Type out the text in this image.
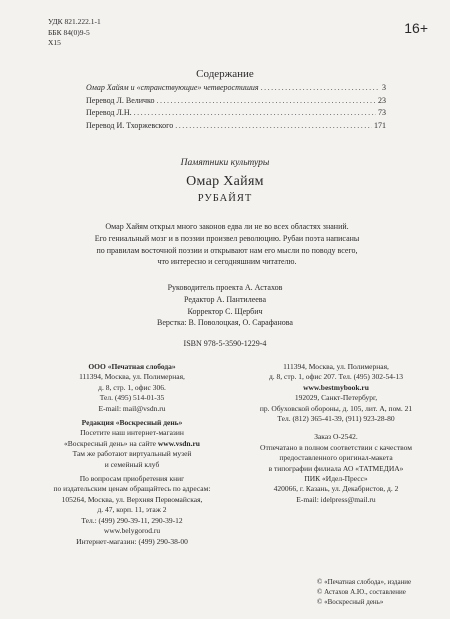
УДК 821.222.1-1
ББК 84(0)9-5
Х15
16+
Содержание
Омар Хайям и «странствующие» четверостишия .....	3
Перевод Л. Величко .....	23
Перевод Л.Н. .....	73
Перевод И. Тхоржевского .....	171
Памятники культуры
Омар Хайям
РУБАЙЯТ
Омар Хайям открыл много законов едва ли не во всех областях знаний.
Его гениальный мозг и в поэзии произвел революцию. Рубаи поэта написаны
по правилам восточной поэзии и открывают нам его мысли по поводу всего,
что интересно и сегодняшним читателю.
Руководитель проекта А. Астахов
Редактор А. Пантилеева
Корректор С. Щербич
Верстка: В. Поволоцкая, О. Сарафанова
ISBN 978-5-3590-1229-4
ООО «Печатная слобода»
111394, Москва, ул. Полимерная,
д. 8, стр. 1, офис 306.
Тел. (495) 514-01-35
E-mail: mail@vsdn.ru
Редакция «Воскресный день»
Посетите наш интернет-магазин
«Воскресный день» на сайте www.vsdn.ru
Там же работают виртуальный музей
и семейный клуб
По вопросам приобретения книг
по издательским ценам обращайтесь по адресам:
105264, Москва, ул. Верхняя Первомайская,
д. 47, корп. 11, этаж 2
Тел.: (499) 290-39-11, 290-39-12
www.belygorod.ru
Интернет-магазин: (499) 290-38-00
111394, Москва, ул. Полимерная,
д. 8, стр. 1, офис 207. Тел. (495) 302-54-13
www.bestmybook.ru
192029, Санкт-Петербург,
пр. Обуховской обороны, д. 105, лит. А, пом. 21
Тел. (812) 365-41-39, (911) 923-28-80
Заказ О-2542.
Отпечатано в полном соответствии с качеством
предоставленного оригинал-макета
в типографии филиала АО «ТАТМЕДИА»
ПИК «Идел-Пресс»
420066, г. Казань, ул. Декабристов, д. 2
E-mail: idelpress@mail.ru
© «Печатная слобода», издание
© Астахов А.Ю., составление
© «Воскресный день»
